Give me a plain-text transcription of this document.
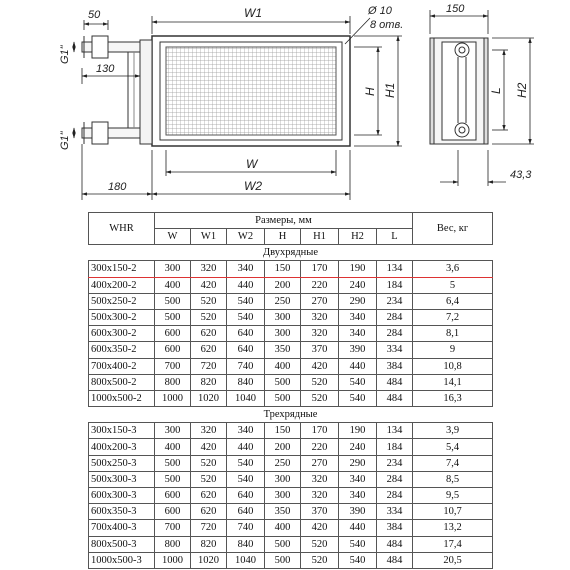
50	W1	Ø 10
8 отв.
150
G1"
130
G1"
H H1	L H2
W
180	W2
43,3
WHR	Размеры, мм							Вес, кг
	W	W1	W2	H	H1	H2	L	
Двухрядные								
300x150-2	300	320	340	150	170	190	134	3,6
400x200-2	400	420	440	200	220	240	184	5
500x250-2	500	520	540	250	270	290	234	6,4
500x300-2	500	520	540	300	320	340	284	7,2
600x300-2	600	620	640	300	320	340	284	8,1
600x350-2	600	620	640	350	370	390	334	9
700x400-2	700	720	740	400	420	440	384	10,8
800x500-2	800	820	840	500	520	540	484	14,1
1000x500-2	1000	1020	1040	500	520	540	484	16,3
Трехрядные								
300x150-3	300	320	340	150	170	190	134	3,9
400x200-3	400	420	440	200	220	240	184	5,4
500x250-3	500	520	540	250	270	290	234	7,4
500x300-3	500	520	540	300	320	340	284	8,5
600x300-3	600	620	640	300	320	340	284	9,5
600x350-3	600	620	640	350	370	390	334	10,7
700x400-3	700	720	740	400	420	440	384	13,2
800x500-3	800	820	840	500	520	540	484	17,4
1000x500-3	1000	1020	1040	500	520	540	484	20,5
